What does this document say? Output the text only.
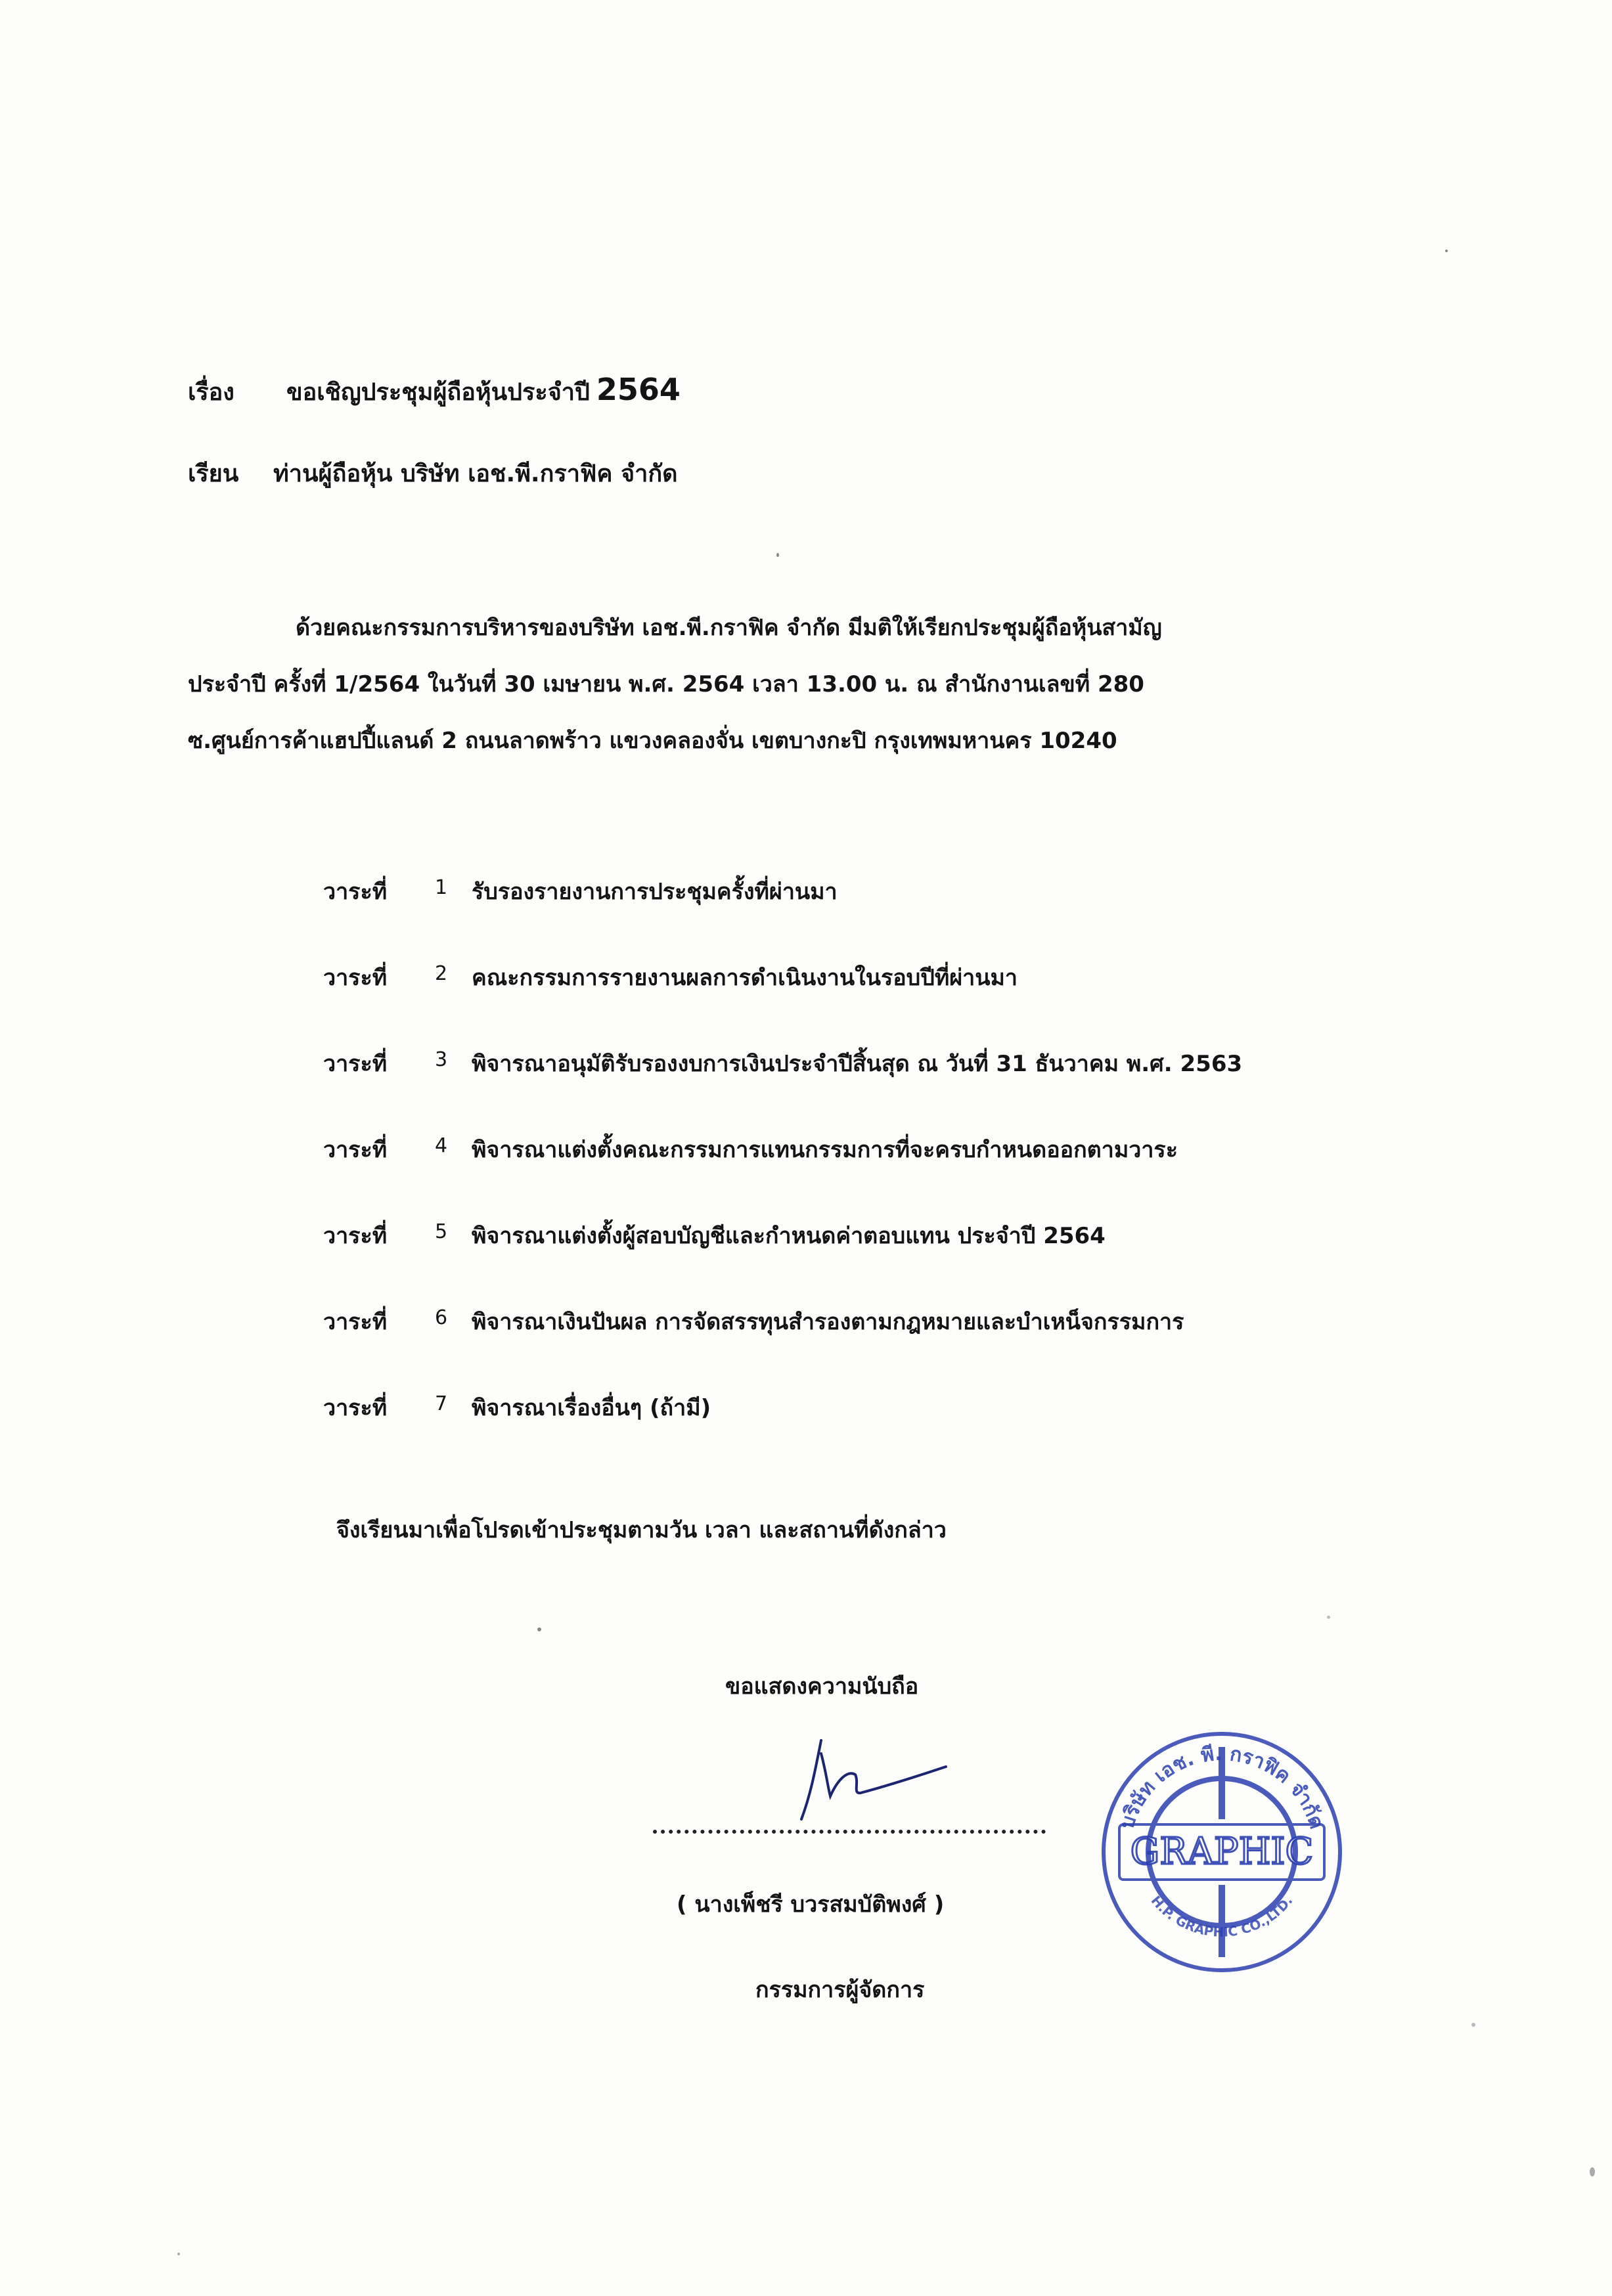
เรื่อง ขอเชิญประชุมผู้ถือหุ้นประจำปี 2564
เรียน ท่านผู้ถือหุ้น บริษัท เอช.พี.กราฟิค จำกัด
ด้วยคณะกรรมการบริหารของบริษัท เอช.พี.กราฟิค จำกัด มีมติให้เรียกประชุมผู้ถือหุ้นสามัญ
ประจำปี ครั้งที่ 1/2564 ในวันที่ 30 เมษายน พ.ศ. 2564 เวลา 13.00 น. ณ สำนักงานเลขที่ 280
ซ.ศูนย์การค้าแฮปปี้แลนด์ 2 ถนนลาดพร้าว แขวงคลองจั่น เขตบางกะปิ กรุงเทพมหานคร 10240
วาระที่	1	รับรองรายงานการประชุมครั้งที่ผ่านมา
วาระที่	2	คณะกรรมการรายงานผลการดำเนินงานในรอบปีที่ผ่านมา
วาระที่	3	พิจารณาอนุมัติรับรองงบการเงินประจำปีสิ้นสุด ณ วันที่ 31 ธันวาคม พ.ศ. 2563
วาระที่	4	พิจารณาแต่งตั้งคณะกรรมการแทนกรรมการที่จะครบกำหนดออกตามวาระ
วาระที่	5	พิจารณาแต่งตั้งผู้สอบบัญชีและกำหนดค่าตอบแทน ประจำปี 2564
วาระที่	6	พิจารณาเงินปันผล การจัดสรรทุนสำรองตามกฎหมายและบำเหน็จกรรมการ
วาระที่	7	พิจารณาเรื่องอื่นๆ (ถ้ามี)
จึงเรียนมาเพื่อโปรดเข้าประชุมตามวัน เวลา และสถานที่ดังกล่าว
ขอแสดงความนับถือ
( นางเพ็ชรี บวรสมบัติพงศ์ )
กรรมการผู้จัดการ
บริษัท เอช. พี. กราฟิค จำกัด
GRAPHIC
H.P. GRAPHIC CO.,LTD.
